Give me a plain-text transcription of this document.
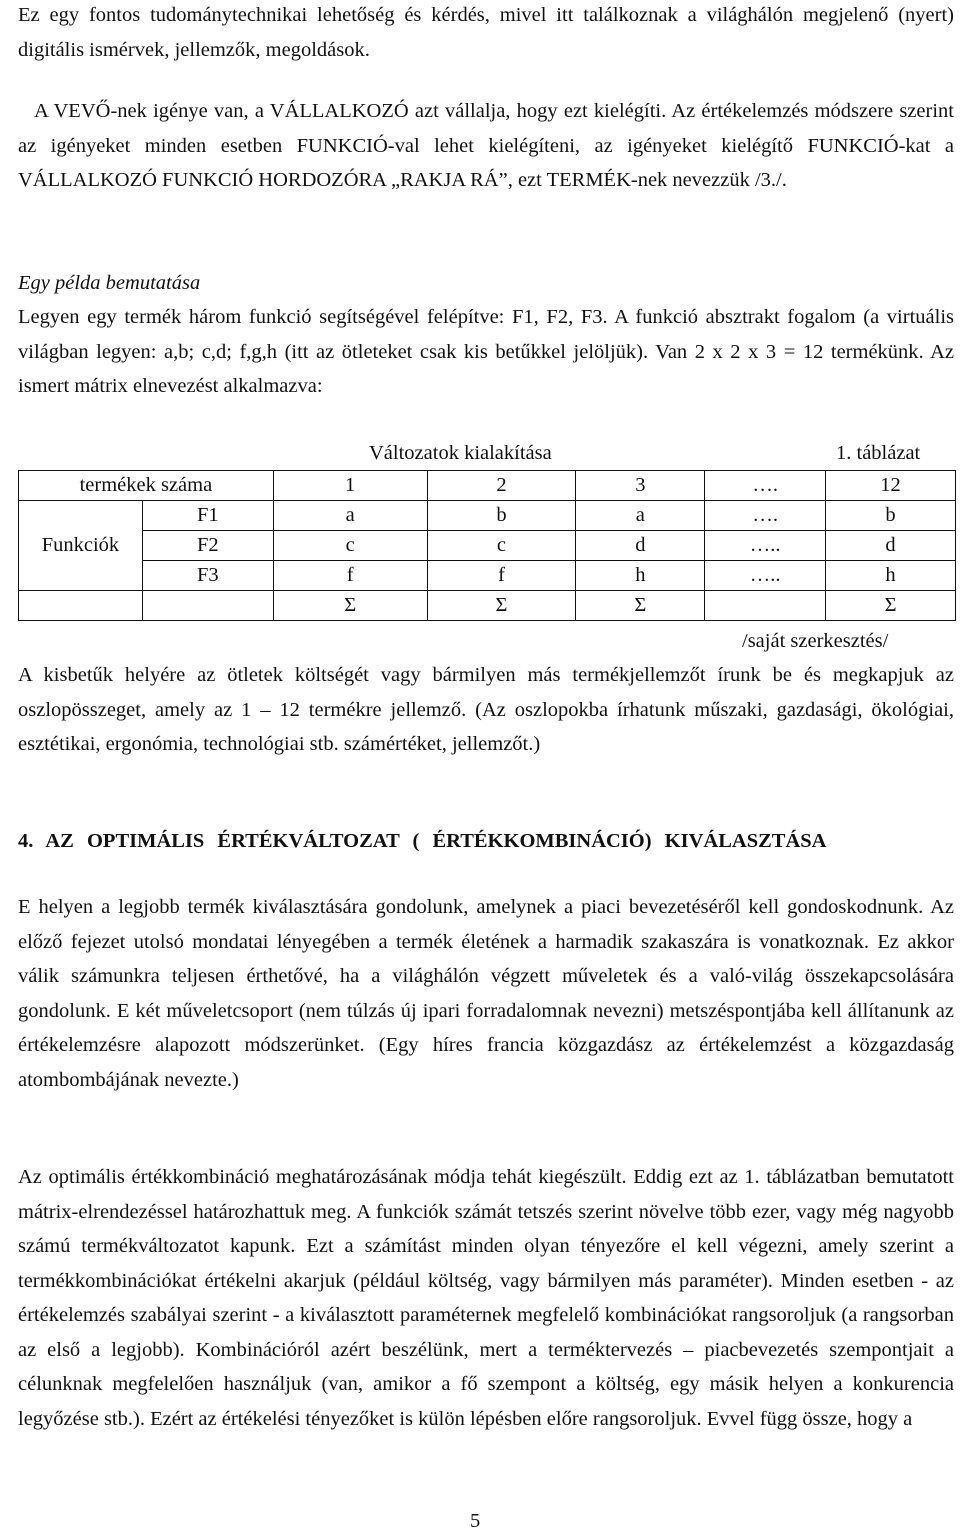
Ez egy fontos tudománytechnikai lehetőség és kérdés, mivel itt találkoznak a világhálón megjelenő (nyert) digitális ismérvek, jellemzők, megoldások.

A VEVŐ-nek igénye van, a VÁLLALKOZÓ azt vállalja, hogy ezt kielégíti. Az értékelemzés módszere szerint az igényeket minden esetben FUNKCIÓ-val lehet kielégíteni, az igényeket kielégítő FUNKCIÓ-kat a VÁLLALKOZÓ FUNKCIÓ HORDOZÓRA „RAKJA RÁ”, ezt TERMÉK-nek nevezzük /3./.

Egy példa bemutatása

Legyen egy termék három funkció segítségével felépítve: F1, F2, F3. A funkció absztrakt fogalom (a virtuális világban legyen: a,b; c,d; f,g,h (itt az ötleteket csak kis betűkkel jelöljük). Van 2 x 2 x 3 = 12 termékünk. Az ismert mátrix elnevezést alkalmazva:

Változatok kialakítása	1. táblázat
termékek száma		1	2	3	….	12
Funkciók	F1	a	b	a	….	b
	F2	c	c	d	…..	d
	F3	f	f	h	…..	h
		Σ	Σ	Σ		Σ
/saját szerkesztés/

A kisbetűk helyére az ötletek költségét vagy bármilyen más termékjellemzőt írunk be és megkapjuk az oszlopösszeget, amely az 1 – 12 termékre jellemző. (Az oszlopokba írhatunk műszaki, gazdasági, ökológiai, esztétikai, ergonómia, technológiai stb. számértéket, jellemzőt.)

4. AZ OPTIMÁLIS ÉRTÉKVÁLTOZAT ( ÉRTÉKKOMBINÁCIÓ) KIVÁLASZTÁSA

E helyen a legjobb termék kiválasztására gondolunk, amelynek a piaci bevezetéséről kell gondoskodnunk. Az előző fejezet utolsó mondatai lényegében a termék életének a harmadik szakaszára is vonatkoznak. Ez akkor válik számunkra teljesen érthetővé, ha a világhálón végzett műveletek és a való-világ összekapcsolására gondolunk. E két műveletcsoport (nem túlzás új ipari forradalomnak nevezni) metszéspontjába kell állítanunk az értékelemzésre alapozott módszerünket. (Egy híres francia közgazdász az értékelemzést a közgazdaság atombombájának nevezte.)

Az optimális értékkombináció meghatározásának módja tehát kiegészült. Eddig ezt az 1. táblázatban bemutatott mátrix-elrendezéssel határozhattuk meg. A funkciók számát tetszés szerint növelve több ezer, vagy még nagyobb számú termékváltozatot kapunk. Ezt a számítást minden olyan tényezőre el kell végezni, amely szerint a termékkombinációkat értékelni akarjuk (például költség, vagy bármilyen más paraméter). Minden esetben - az értékelemzés szabályai szerint - a kiválasztott paraméternek megfelelő kombinációkat rangsoroljuk (a rangsorban az első a legjobb). Kombinációról azért beszélünk, mert a terméktervezés – piacbevezetés szempontjait a célunknak megfelelően használjuk (van, amikor a fő szempont a költség, egy másik helyen a konkurencia legyőzése stb.). Ezért az értékelési tényezőket is külön lépésben előre rangsoroljuk. Evvel függ össze, hogy a

5
